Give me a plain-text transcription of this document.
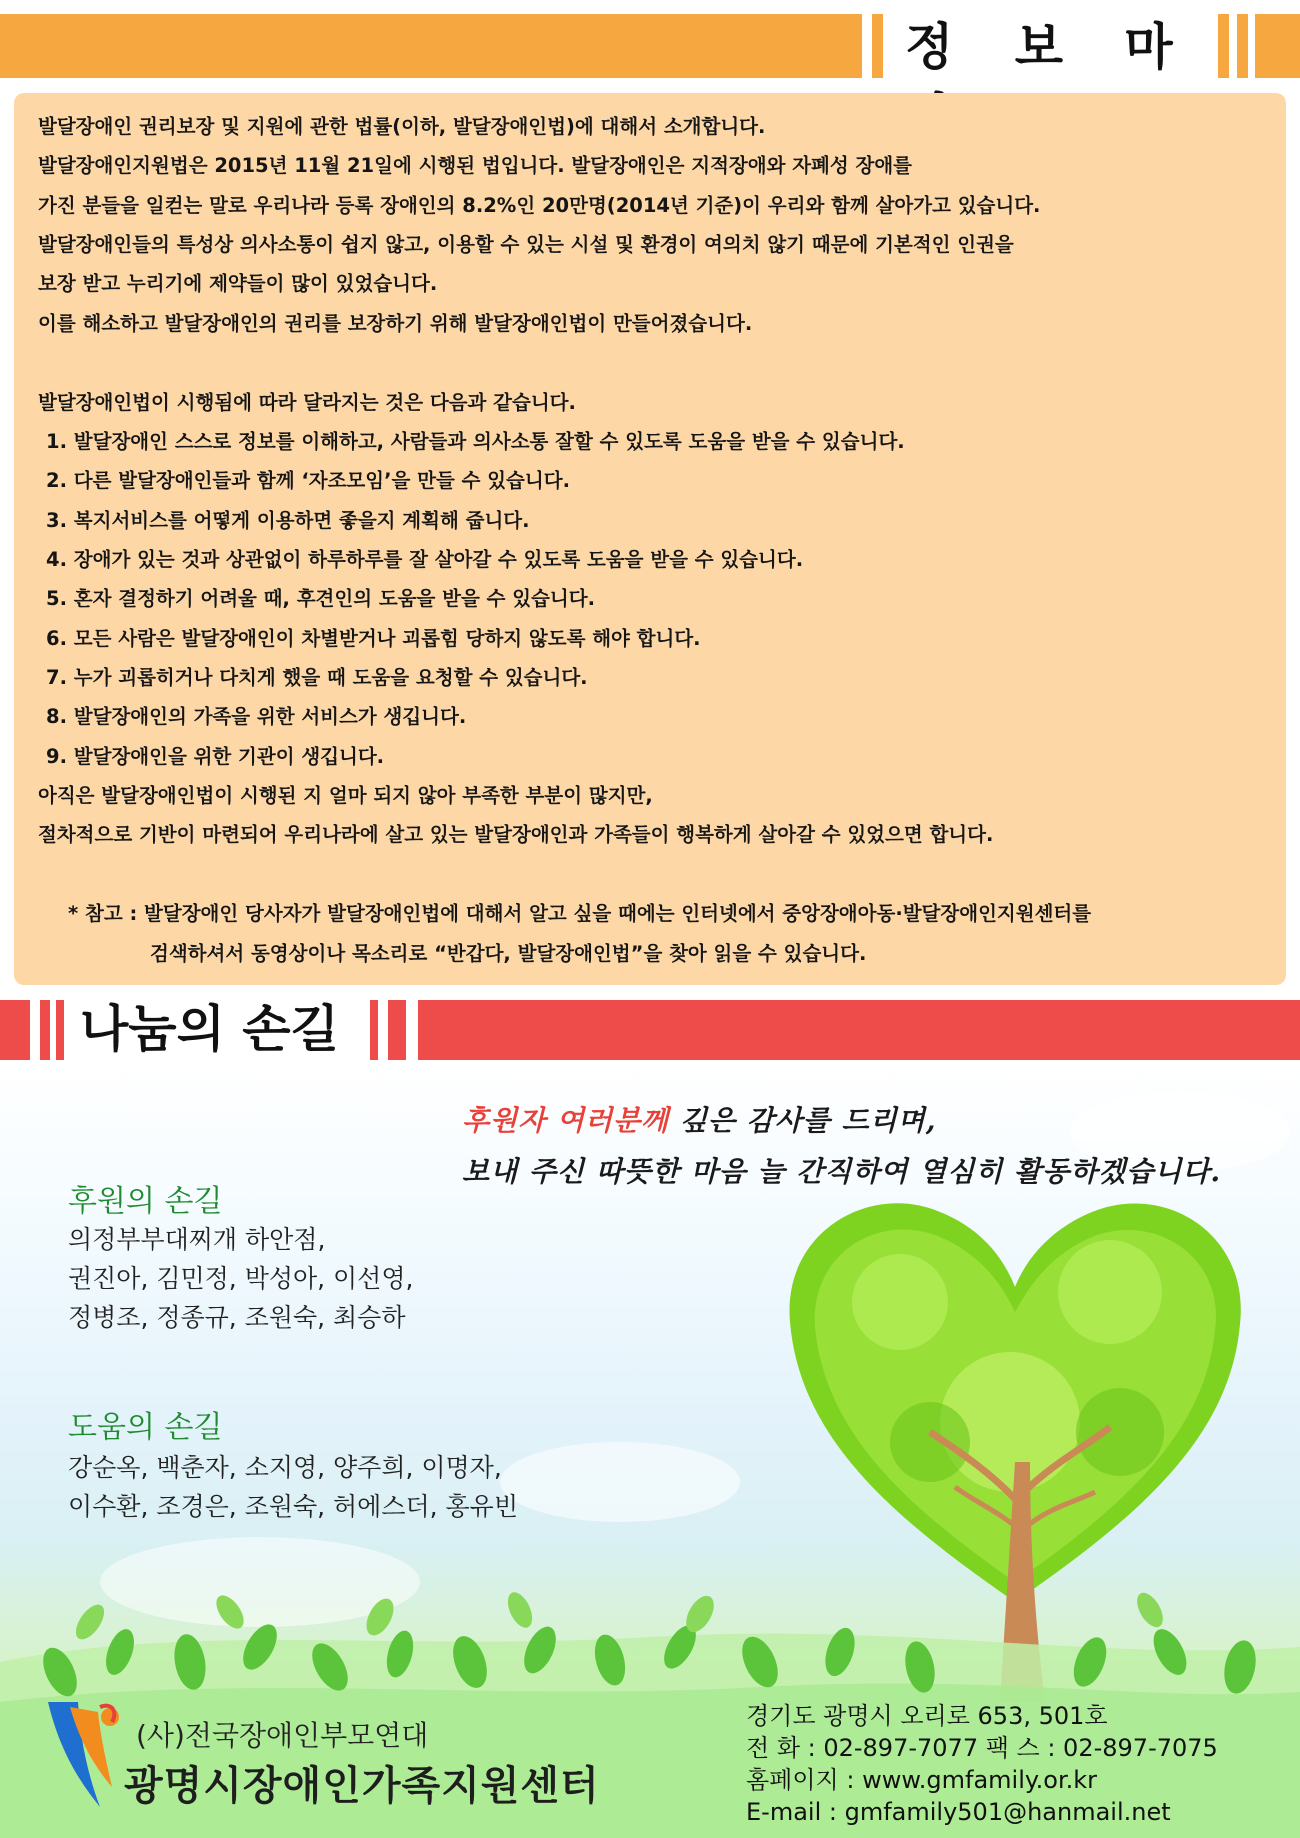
정 보 마
발달장애인 권리보장 및 지원에 관한 법률(이하, 발달장애인법)에 대해서 소개합니다.
발달장애인지원법은 2015년 11월 21일에 시행된 법입니다. 발달장애인은 지적장애와 자폐성 장애를
가진 분들을 일컫는 말로 우리나라 등록 장애인의 8.2%인 20만명(2014년 기준)이 우리와 함께 살아가고 있습니다.
발달장애인들의 특성상 의사소통이 쉽지 않고, 이용할 수 있는 시설 및 환경이 여의치 않기 때문에 기본적인 인권을
보장 받고 누리기에 제약들이 많이 있었습니다.
이를 해소하고 발달장애인의 권리를 보장하기 위해 발달장애인법이 만들어졌습니다.
발달장애인법이 시행됨에 따라 달라지는 것은 다음과 같습니다.
1. 발달장애인 스스로 정보를 이해하고, 사람들과 의사소통 잘할 수 있도록 도움을 받을 수 있습니다.
2. 다른 발달장애인들과 함께 ‘자조모임’을 만들 수 있습니다.
3. 복지서비스를 어떻게 이용하면 좋을지 계획해 줍니다.
4. 장애가 있는 것과 상관없이 하루하루를 잘 살아갈 수 있도록 도움을 받을 수 있습니다.
5. 혼자 결정하기 어려울 때, 후견인의 도움을 받을 수 있습니다.
6. 모든 사람은 발달장애인이 차별받거나 괴롭힘 당하지 않도록 해야 합니다.
7. 누가 괴롭히거나 다치게 했을 때 도움을 요청할 수 있습니다.
8. 발달장애인의 가족을 위한 서비스가 생깁니다.
9. 발달장애인을 위한 기관이 생깁니다.
아직은 발달장애인법이 시행된 지 얼마 되지 않아 부족한 부분이 많지만,
절차적으로 기반이 마련되어 우리나라에 살고 있는 발달장애인과 가족들이 행복하게 살아갈 수 있었으면 합니다.
* 참고 : 발달장애인 당사자가 발달장애인법에 대해서 알고 싶을 때에는 인터넷에서 중앙장애아동·발달장애인지원센터를
검색하셔서 동영상이나 목소리로 “반갑다, 발달장애인법”을 찾아 읽을 수 있습니다.
나눔의 손길
후원자 여러분께 깊은 감사를 드리며,
보내 주신 따뜻한 마음 늘 간직하여 열심히 활동하겠습니다.
후원의 손길
의정부부대찌개 하안점,
권진아, 김민정, 박성아, 이선영,
정병조, 정종규, 조원숙, 최승하
도움의 손길
강순옥, 백춘자, 소지영, 양주희, 이명자,
이수환, 조경은, 조원숙, 허에스더, 홍유빈
(사)전국장애인부모연대
광명시장애인가족지원센터
경기도 광명시 오리로 653, 501호
전 화 : 02-897-7077 팩 스 : 02-897-7075
홈페이지 : www.gmfamily.or.kr
E-mail : gmfamily501@hanmail.net
